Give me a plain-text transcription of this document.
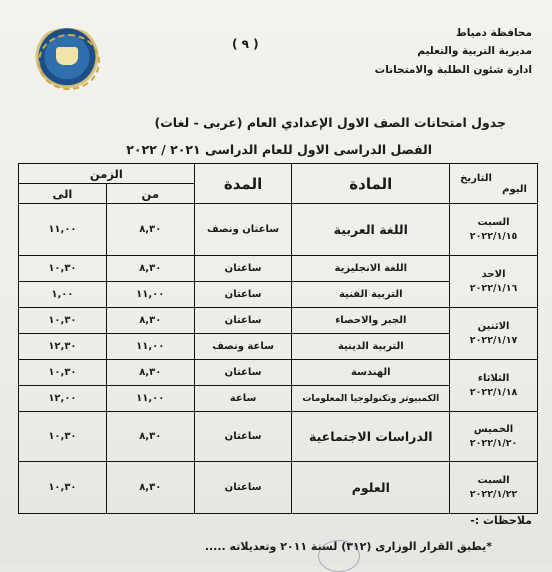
( ٩ )
محافظة دمياط
مديرية التربية والتعليم
ادارة شئون الطلبة والامتحانات
جدول امتحانات الصف الاول الإعدادي العام (عربى - لغات)
الفصل الدراسى الاول للعام الدراسى ٢٠٢١ / ٢٠٢٢
التاريخ
اليوم	المادة	المدة	الزمن	
			من	الى

السبت
٢٠٢٢/١/١٥	اللغة العربية	ساعتان ونصف	٨,٣٠	١١,٠٠

الاحد
٢٠٢٢/١/١٦	اللغة الانجليزية	ساعتان	٨,٣٠	١٠,٣٠
	التربية الفنية	ساعتان	١١,٠٠	١,٠٠

الاثنين
٢٠٢٢/١/١٧	الجبر والاحصاء	ساعتان	٨,٣٠	١٠,٣٠
	التربية الدينية	ساعة ونصف	١١,٠٠	١٢,٣٠

الثلاثاء
٢٠٢٢/١/١٨	الهندسة	ساعتان	٨,٣٠	١٠,٣٠
	الكمبيوتر وتكنولوجيا المعلومات	ساعة	١١,٠٠	١٢,٠٠

الخميس
٢٠٢٢/١/٢٠	الدراسات الاجتماعية	ساعتان	٨,٣٠	١٠,٣٠

السبت
٢٠٢٢/١/٢٢	العلوم	ساعتان	٨,٣٠	١٠,٣٠
ملاحظات :-
*يطبق القرار الوزارى (٣١٢) لسنة ٢٠١١ وتعديلاته .....
